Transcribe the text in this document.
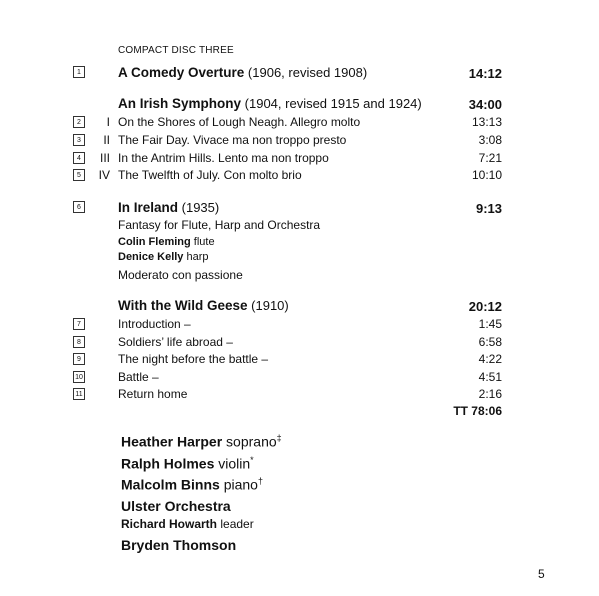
COMPACT DISC THREE
1	A Comedy Overture (1906, revised 1908)	14:12
An Irish Symphony (1904, revised 1915 and 1924)	34:00
2	I On the Shores of Lough Neagh. Allegro molto	13:13
3	II The Fair Day. Vivace ma non troppo presto	3:08
4	III In the Antrim Hills. Lento ma non troppo	7:21
5	IV The Twelfth of July. Con molto brio	10:10
6	In Ireland (1935)	9:13
Fantasy for Flute, Harp and Orchestra
Colin Fleming flute
Denice Kelly harp
Moderato con passione
With the Wild Geese (1910)	20:12
7	Introduction –	1:45
8	Soldiers’ life abroad –	6:58
9	The night before the battle –	4:22
10	Battle –	4:51
11	Return home	2:16
TT 78:06
Heather Harper soprano‡
Ralph Holmes violin*
Malcolm Binns piano†
Ulster Orchestra
Richard Howarth leader
Bryden Thomson
5
